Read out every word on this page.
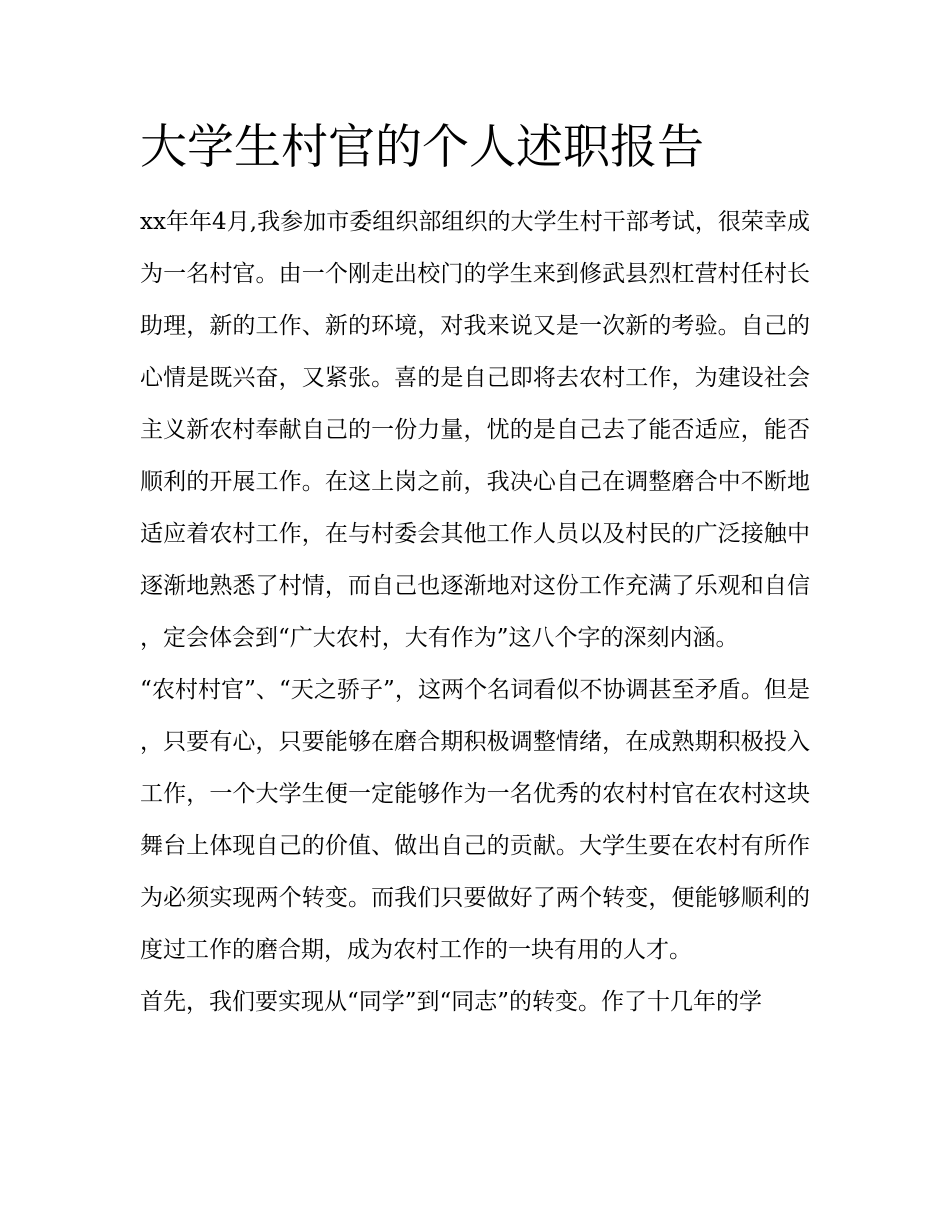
大学生村官的个人述职报告

xx年年4月,我参加市委组织部组织的大学生村干部考试，很荣幸成为一名村官。由一个刚走出校门的学生来到修武县烈杠营村任村长助理，新的工作、新的环境，对我来说又是一次新的考验。自己的心情是既兴奋，又紧张。喜的是自己即将去农村工作，为建设社会主义新农村奉献自己的一份力量，忧的是自己去了能否适应，能否顺利的开展工作。在这上岗之前，我决心自己在调整磨合中不断地适应着农村工作，在与村委会其他工作人员以及村民的广泛接触中逐渐地熟悉了村情，而自己也逐渐地对这份工作充满了乐观和自信，定会体会到“广大农村，大有作为”这八个字的深刻内涵。

“农村村官”、“天之骄子”，这两个名词看似不协调甚至矛盾。但是，只要有心，只要能够在磨合期积极调整情绪，在成熟期积极投入工作，一个大学生便一定能够作为一名优秀的农村村官在农村这块舞台上体现自己的价值、做出自己的贡献。大学生要在农村有所作为必须实现两个转变。而我们只要做好了两个转变，便能够顺利的度过工作的磨合期，成为农村工作的一块有用的人才。

首先，我们要实现从“同学”到“同志”的转变。作了十几年的学
